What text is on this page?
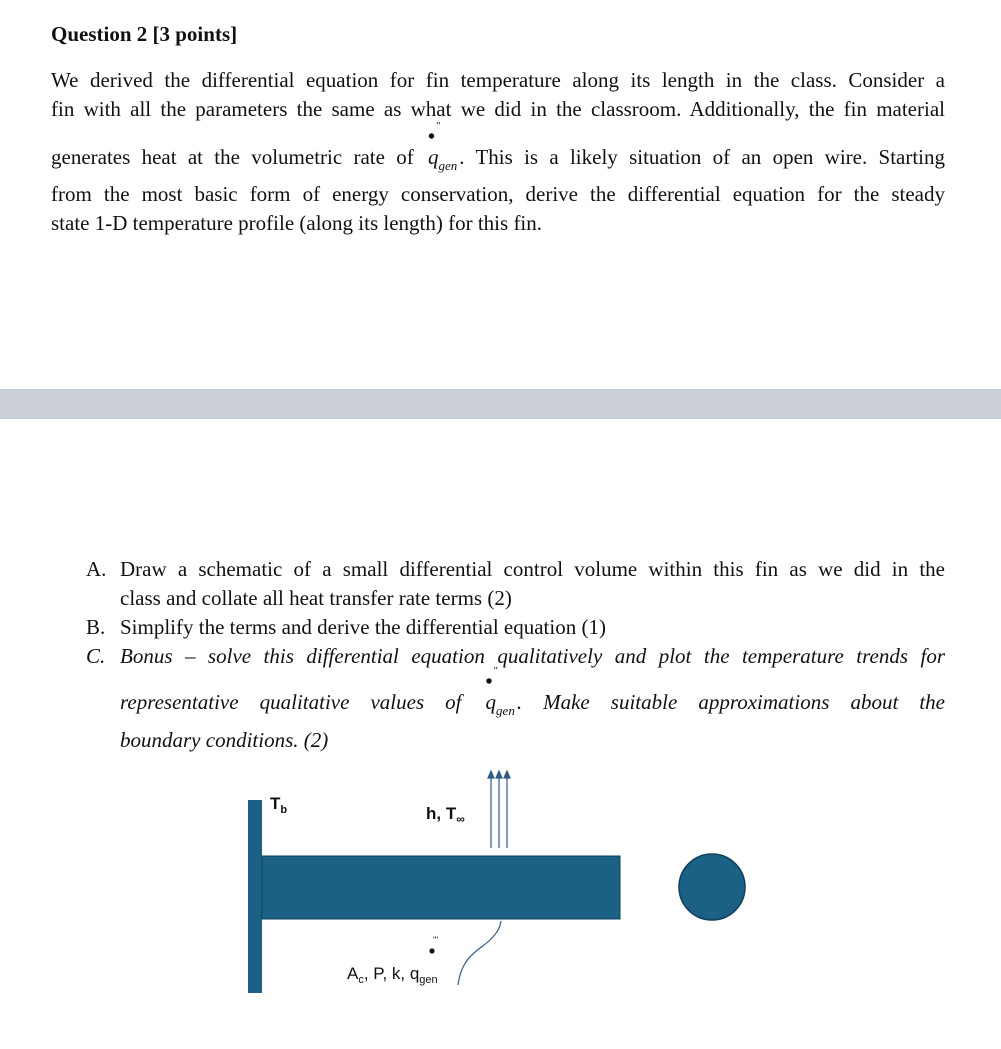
Question 2 [3 points]

We derived the differential equation for fin temperature along its length in the class. Consider a

fin with all the parameters the same as what we did in the classroom. Additionally, the fin material

generates heat at the volumetric rate of
• "
$q_{gen}$. This is a likely situation of an open wire. Starting

from the most basic form of energy conservation, derive the differential equation for the steady

state 1-D temperature profile (along its length) for this fin.

A. Draw a schematic of a small differential control volume within this fin as we did in the

class and collate all heat transfer rate terms (2)

B. Simplify the terms and derive the differential equation (1)

C. Bonus – solve this differential equation qualitatively and plot the temperature trends for

representative qualitative values of
• "
$q_{gen}$. Make suitable approximations about the

boundary conditions. (2)

$T_b$	h, $T_\infty$
'''
$A_c$, P, k, $q_{gen}$
